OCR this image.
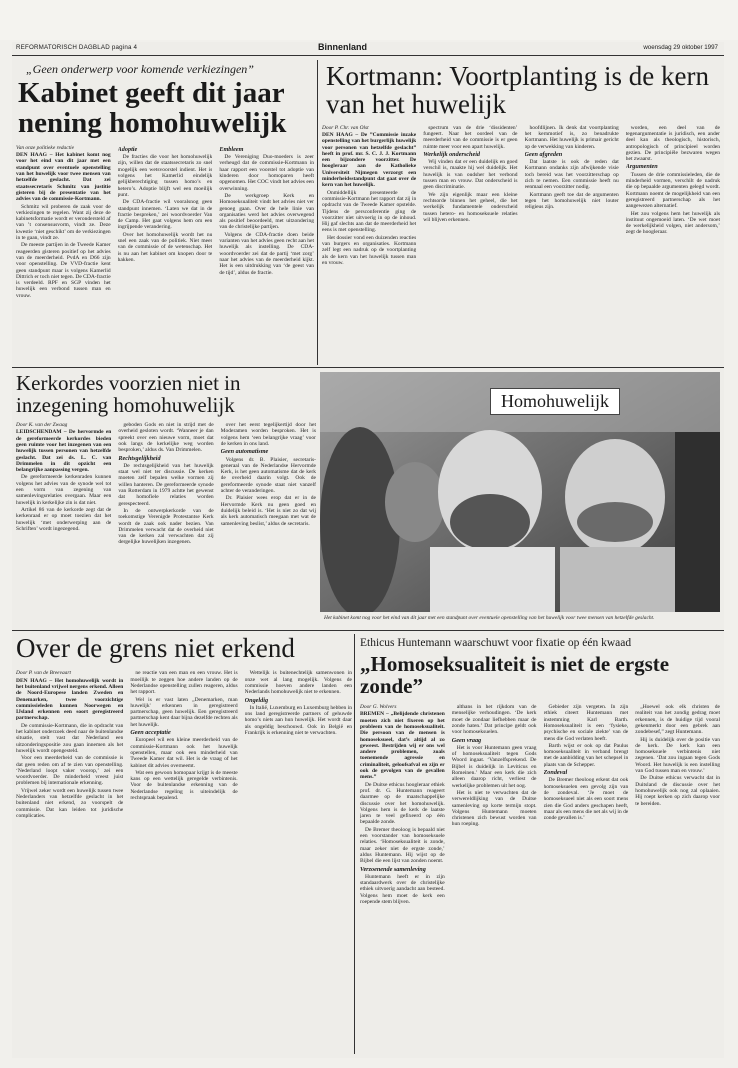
REFORMATORISCH DAGBLAD pagina 4	Binnenland	woensdag 29 oktober 1997
„Geen onderwerp voor komende verkiezingen”
Kabinet geeft dit jaar nening homohuwelijk
Van onze politieke redactie

DEN HAAG – Het kabinet komt nog voor het eind van dit jaar met een standpunt over eventuele openstelling van het huwelijk voor twee mensen van hetzelfde geslacht. Dat zei staatssecretaris Schmitz van justitie gisteren bij de presentatie van het advies van de commissie-Kortmann.

Schmitz wil proberen de zaak voor de verkiezingen te regelen. Want zij deze de kabinetsformatie wordt er verondersteld af van ’t consensusvorm, vindt ze. Deze kwestie ‘niet geschikt’ om de verkiezingen in te gaan, vindt ze.

De meeste partijen in de Tweede Kamer reageerden gisteren positief op het advies van de meerderheid. PvdA en D66 zijn voor openstelling. De VVD-fractie kent geen standpunt maar is volgens Kamerlid Dittrich er toch niet tegen. De CDA-fractie is verdeeld. RPF en SGP vinden het huwelijk een verbond tussen man en vrouw.

Adoptie

De fracties die voor het homohuwelijk zijn, willen dat de staatssecretaris zo snel mogelijk een wetsvoorstel indient. Het is volgens het Kamerlid eindelijk gelijkberechtiging tussen homo’s en hetero’s. Adoptie blijft wel een moeilijk punt.

De CDA-fractie wil vooralsnog geen standpunt innemen. ‘Laten we dat in de fractie bespreken,’ zei woordvoerder Van de Camp. Het gaat volgens hem om een ingrijpende verandering.

Over het homohuwelijk wordt het nu snel een zaak van de politiek. Niet meer van de commissie of de wetenschap. Het is nu aan het kabinet om knopen door te hakken.

Embleem

De Vereniging Duo-moeders is zeer verheugd dat de commissie-Kortmann in haar rapport een voorstel tot adoptie van kinderen door homoparen heeft opgenomen. Het COC vindt het advies een overwinning.

De werkgroep Kerk en Homoseksualiteit vindt het advies niet ver genoeg gaan. Over de hele linie van organisaties werd het advies overwegend als positief beoordeeld, met uitzondering van de christelijke partijen.

Volgens de CDA-fractie doen beide varianten van het advies geen recht aan het huwelijk als instelling. De CDA-woordvoerder zei dat de partij ‘met zorg’ naar het advies van de meerderheid kijkt. Het is een uitdrukking van ‘de geest van de tijd’, aldus de fractie.

Kortmann: Voortplanting is de kern van het huwelijk
Door P. Chr. van Olst

DEN HAAG – De ”Commissie inzake openstelling van het burgerlijk huwelijk voor personen van hetzelfde geslacht” heeft in prof. mr. S. C. J. J. Kortmann een bijzondere voorzitter. De hoogleraar aan de Katholieke Universiteit Nijmegen verzorgt een minderheidsstandpunt dat gaat over de kern van het huwelijk.

Onmiddellijk presenteerde de commissie-Kortmann het rapport dat zij in opdracht van de Tweede Kamer opstelde. Tijdens de persconferentie ging de voorzitter niet uitvoerig in op de inhoud. Hij gaf slechts aan dat de meerderheid het eens is met openstelling.

Het dossier vond een duizenden reacties van burgers en organisaties. Kortmann zelf legt een nadruk op de voortplanting als de kern van het huwelijk tussen man en vrouw.

spectrum van de drie ‘dissidenten’ fungeert. Naar het oordeel van de meerderheid van de commissie is er geen ruimte meer voor een apart huwelijk.

Werkelijk onderscheid

Wij vinden dat er een duidelijk en goed verschil is, maakte hij wel duidelijk. Het huwelijk is van oudsher het verbond tussen man en vrouw. Dat onderscheid is geen discriminatie.

We zijn eigenlijk maar een kleine rechtsorde binnen het geheel, die het werkelijk fundamentele onderscheid tussen hetero- en homoseksuele relaties wil blijven erkennen.

hoofdlijnen. Ik denk dat voortplanting het kernmotief is, zo benadrukte Kortmann. Het huwelijk is primair gericht op de verwekking van kinderen.

Geen afgreden

Dat laatste is ook de reden dat Kortmann ondanks zijn afwijkende visie toch bereid was het voorzitterschap op zich te nemen. Een commissie heeft nu eenmaal een voorzitter nodig.

Kortmann geeft toe dat de argumenten tegen het homohuwelijk niet louter religieus zijn.

worden, een deel van de tegenargumentatie is juridisch, een ander deel kan als theologisch, historisch, antropologisch of principieel worden gezien. De principiële bezwaren wegen het zwaarst.

Argumenten

Tussen de drie commissieleden, die de minderheid vormen, verschilt de nadruk die op bepaalde argumenten gelegd wordt. Kortmann noemt de mogelijkheid van een geregistreerd partnerschap als het aangewezen alternatief.

Het zou volgens hem het huwelijk als instituut ongemoeid laten. ‘De wet moet de werkelijkheid volgen, niet andersom,’ zegt de hoogleraar.

Kerkordes voorzien niet in inzegening homohuwelijk
Door K. van der Zwaag

LEIDSCHENDAM – De hervormde en de gereformeerde kerkordes bieden geen ruimte voor het inzegenen van een huwelijk tussen personen van hetzelfde geslacht. Dat zei ds. L. C. van Drimmelen in dit opzicht een belangrijke aanpassing vergen.

De gereformeerde kerkenraden kunnen volgens het advies van de synode wel tot een vorm van zegening van samenlevingsrelaties overgaan. Maar een huwelijk in kerkelijke zin is dat niet.

Artikel 86 van de kerkorde zegt dat de kerkenraad er op moet toezien dat het huwelijk ‘met onderwerping aan de Schriften’ wordt ingezegend.

geboden Gods en niet in strijd met de overheid gesloten wordt. ‘Wanneer je dan spreekt over een nieuwe vorm, moet dat ook langs de kerkelijke weg worden besproken,’ aldus ds. Van Drimmelen.

Rechtsgelijkheid

De rechtsgelijkheid van het huwelijk staat wel niet ter discussie. De kerken moeten zelf bepalen welke vormen zij willen hanteren. De gereformeerde synode van Rotterdam in 1979 achtte het gewenst dat homofiele relaties worden gerespecteerd.

In de ontwerpkerkorde van de toekomstige Verenigde Protestantse Kerk wordt de zaak ook nader bezien. Van Drimmelen verwacht dat de overheid niet van de kerken zal verwachten dat zij dergelijke huwelijken inzegenen.

over het eerst tegelijkertijd door het Moderamen worden besproken. Het is volgens hem ‘een belangrijke vraag’ voor de kerken in ons land.

Geen automatisme

Volgens dr. B. Plaisier, secretaris-generaal van de Nederlandse Hervormde Kerk, is het geen automatisme dat de kerk de overheid daarin volgt. Ook de gereformeerde synode staat niet vanzelf achter de veranderingen.

Dr. Plaisier wees erop dat er in de Hervormde Kerk nu geen goed en duidelijk beleid is. ‘Het is niet zo dat wij als kerk automatisch meegaan met wat de samenleving beslist,’ aldus de secretaris.

Homohuwelijk
Het kabinet komt nog voor het eind van dit jaar met een standpunt over eventuele openstelling van het huwelijk voor twee mensen van hetzelfde geslacht.
Over de grens niet erkend
Door P. van de Breevaart

DEN HAAG – Het homohuwelijk wordt in het buitenland vrijwel nergens erkend. Alleen de Noord-Europese landen Zweden en Denemarken, twee voorzichtige commissieleden kunnen Noorwegen en IJsland erkennen een soort geregistreerd partnerschap.

De commissie-Kortmann, die in opdracht van het kabinet onderzoek deed naar de buitenlandse situatie, stelt vast dat Nederland een uitzonderingspositie zou gaan innemen als het huwelijk wordt opengesteld.

Voor een meerderheid van de commissie is dat geen reden om af te zien van openstelling. ‘Nederland loopt vaker voorop,’ zei een woordvoerder. De minderheid vreest juist problemen bij internationale erkenning.

Vrijwel zeker wordt een huwelijk tussen twee Nederlanders van hetzelfde geslacht in het buitenland niet erkend, zo voorspelt de commissie. Dat kan leiden tot juridische complicaties.

ne reactie van een man en een vrouw. Het is moeilijk te zeggen hoe andere landen op de Nederlandse openstelling zullen reageren, aldus het rapport.

Wel is er vast laten „Denemarken, man huwelijk' erkennen in geregistreerd partnerschap, geen huwelijk. Een geregistreerd partnerschap kent daar bijna dezelfde rechten als het huwelijk.

Geen acceptatie

Europeel wil een kleine meerderheid van de commissie-Kortmann ook het huwelijk openstellen, maar ook een minderheid van Tweede Kamer dat wil. Het is de vraag of het kabinet dit advies overneemt.

Wat een gewoon homopaar krijgt is de meeste kans op een wettelijk geregelde verbintenis. Voor de buitenlandse erkenning van de Nederlandse regeling is uiteindelijk de rechtspraak bepalend.

Wettelijk is buitenechtelijk samenwonen in onze wet al lang mogelijk. Volgens de commissie hoeven andere landen een Nederlands homohuwelijk niet te erkennen.

Ongeldig

In Italië, Luxemburg en Luxemburg hebben in ons land geregistreerde partners of gehuwde homo’s niets aan hun huwelijk. Het wordt daar als ongeldig beschouwd. Ook in België en Frankrijk is erkenning niet te verwachten.

Ethicus Huntemann waarschuwt voor fixatie op één kwaad
„Homoseksualiteit is niet de ergste zonde”
Door G. Wolvers

BREMEN – „Belijdende christenen moeten zich niet fixeren op het probleem van de homoseksualiteit. Die persoon van de mensen is homoseksueel, dat’s altijd al zo geweest. Bestrijden wij er ons wel andere problemen, zoals toenemende agressie en criminaliteit, geloofsafval en zijn er ook de gevolgen van de gevallen mens.”

De Duitse ethicus hoogleraar ethiek prof. dr. G. Huntemann reageert daarmee op de maatschappelijke discussie over het homohuwelijk. Volgens hem is de kerk de laatste jaren te veel gefixeerd op één bepaalde zonde.

De Bremer theoloog is bepaald niet een voorstander van homoseksuele relaties. ‘Homoseksualiteit is zonde, maar zeker niet de ergste zonde,’ aldus Huntemann. Hij wijst op de Bijbel die een lijst van zonden noemt.

Verzoenende samenleving

Huntemann heeft er in zijn standaardwerk over de christelijke ethiek uitvoerig aandacht aan besteed. Volgens hem moet de kerk een roepende stem blijven.

althans in het rijkdom van de menselijke verhoudingen. ‘De kerk moet de zondaar liefhebben maar de zonde haten.’ Dat principe geldt ook voor homoseksuelen.

Geen vraag

Het is voor Huntemann geen vraag of homoseksualiteit tegen Gods Woord ingaat. ‘Vanzelfsprekend. De Bijbel is duidelijk in Leviticus en Romeinen.’ Maar een kerk die zich alleen daarop richt, verliest de werkelijke problemen uit het oog.

Het is niet te verwachten dat de verwereldlijking van de Duitse samenleving op korte termijn stopt. Volgens Huntemann moeten christenen zich bewust worden van hun roeping.

Gebieder zijn vergeten. In zijn ethiek citeert Huntemann met instemming Karl Barth. Homoseksualiteit is een ‘fysieke, psychische en sociale ziekte’ van de mens die God verlaten heeft.

Barth wijst er ook op dat Paulus homoseksualiteit in verband brengt met de aanbidding van het schepsel in plaats van de Schepper.

Zondeval

De Bremer theoloog erkent dat ook homoseksuelen een gevolg zijn van de zondeval. ‘Je moet de homoseksueel niet als een soort mens zien die God anders geschapen heeft, maar als een mens die net als wij in de zonde gevallen is.’

„Hoewel ook elk christen de realiteit van het zondig gedrag moet erkennen, is de huidige tijd vooral gekenmerkt door een gebrek aan zondebesef,” zegt Huntemann.

Hij is duidelijk over de positie van de kerk. De kerk kan een homoseksuele verbintenis niet zegenen. ‘Dat zou ingaan tegen Gods Woord. Het huwelijk is een instelling van God tussen man en vrouw.’

De Duitse ethicus verwacht dat in Duitsland de discussie over het homohuwelijk ook nog zal oplaaien. Hij roept kerken op zich daarop voor te bereiden.
